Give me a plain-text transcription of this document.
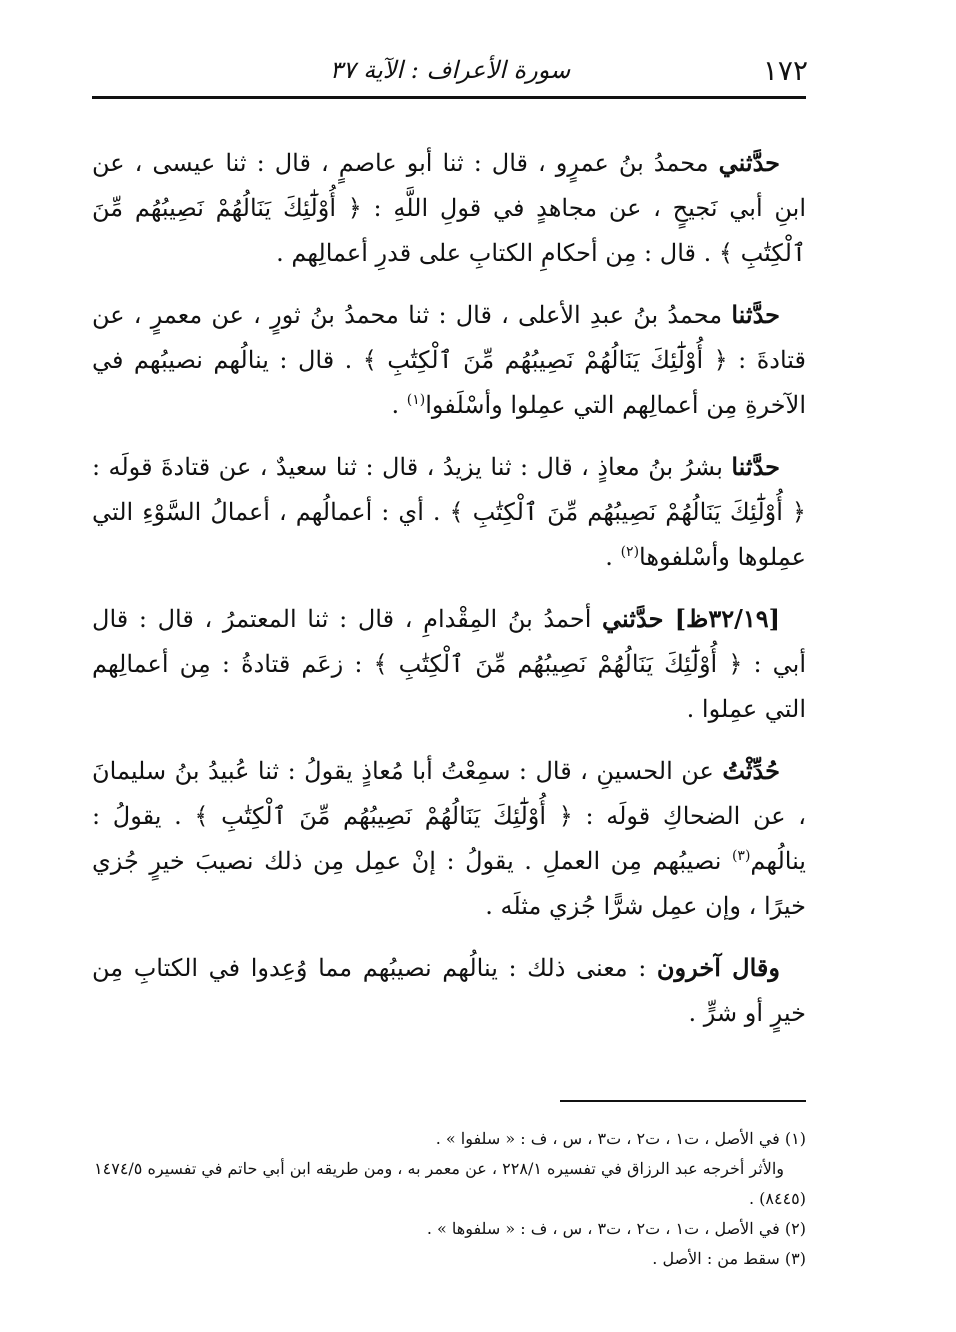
١٧٢
سورة الأعراف : الآية ٣٧

حدَّثني محمدُ بنُ عمرٍو ، قال : ثنا أبو عاصمٍ ، قال : ثنا عيسى ، عن ابنِ أبي نَجيحٍ ، عن مجاهدٍ في قولِ اللَّهِ : ﴿ أُوْلَٰٓئِكَ يَنَالُهُمْ نَصِيبُهُم مِّنَ ٱلْكِتَٰبِ ﴾ . قال : مِن أحكامِ الكتابِ على قدرِ أعمالِهم .

حدَّثنا محمدُ بنُ عبدِ الأعلى ، قال : ثنا محمدُ بنُ ثورٍ ، عن معمرٍ ، عن قتادةَ : ﴿ أُوْلَٰٓئِكَ يَنَالُهُمْ نَصِيبُهُم مِّنَ ٱلْكِتَٰبِ ﴾ . قال : ينالُهم نصيبُهم في الآخرةِ مِن أعمالِهم التي عمِلوا وأسْلَفوا$^{(١)}$ .

حدَّثنا بشرُ بنُ معاذٍ ، قال : ثنا يزيدُ ، قال : ثنا سعيدٌ ، عن قتادةَ قولَه : ﴿ أُوْلَٰٓئِكَ يَنَالُهُمْ نَصِيبُهُم مِّنَ ٱلْكِتَٰبِ ﴾ . أي : أعمالُهم ، أعمالُ السَّوْءِ التي عمِلوها وأسْلفوها$^{(٢)}$ .

[٣٢/١٩ظ] حدَّثني أحمدُ بنُ المِقْدامِ ، قال : ثنا المعتمرُ ، قال : قال أبي : ﴿ أُوْلَٰٓئِكَ يَنَالُهُمْ نَصِيبُهُم مِّنَ ٱلْكِتَٰبِ ﴾ : زعَم قتادةُ : مِن أعمالِهم التي عمِلوا .

حُدِّثْتُ عن الحسينِ ، قال : سمِعْتُ أبا مُعاذٍ يقولُ : ثنا عُبيدُ بنُ سليمانَ ، عن الضحاكِ قولَه : ﴿ أُوْلَٰٓئِكَ يَنَالُهُمْ نَصِيبُهُم مِّنَ ٱلْكِتَٰبِ ﴾ . يقولُ : ينالُهم$^{(٣)}$ نصيبُهم مِن العملِ . يقولُ : إنْ عمِل مِن ذلك نصيبَ خيرٍ جُزي خيرًا ، وإن عمِل شرًّا جُزي مثلَه .

وقال آخرون : معنى ذلك : ينالُهم نصيبُهم مما وُعِدوا في الكتابِ مِن خيرٍ أو شرٍّ .

(١) في الأصل ، ت١ ، ت٢ ، ت٣ ، س ، ف : « سلفوا » .

والأثر أخرجه عبد الرزاق في تفسيره ٢٢٨/١ ، عن معمر به ، ومن طريقه ابن أبي حاتم في تفسيره ١٤٧٤/٥ (٨٤٤٥) .

(٢) في الأصل ، ت١ ، ت٢ ، ت٣ ، س ، ف : « سلفوها » .

(٣) سقط من : الأصل .
